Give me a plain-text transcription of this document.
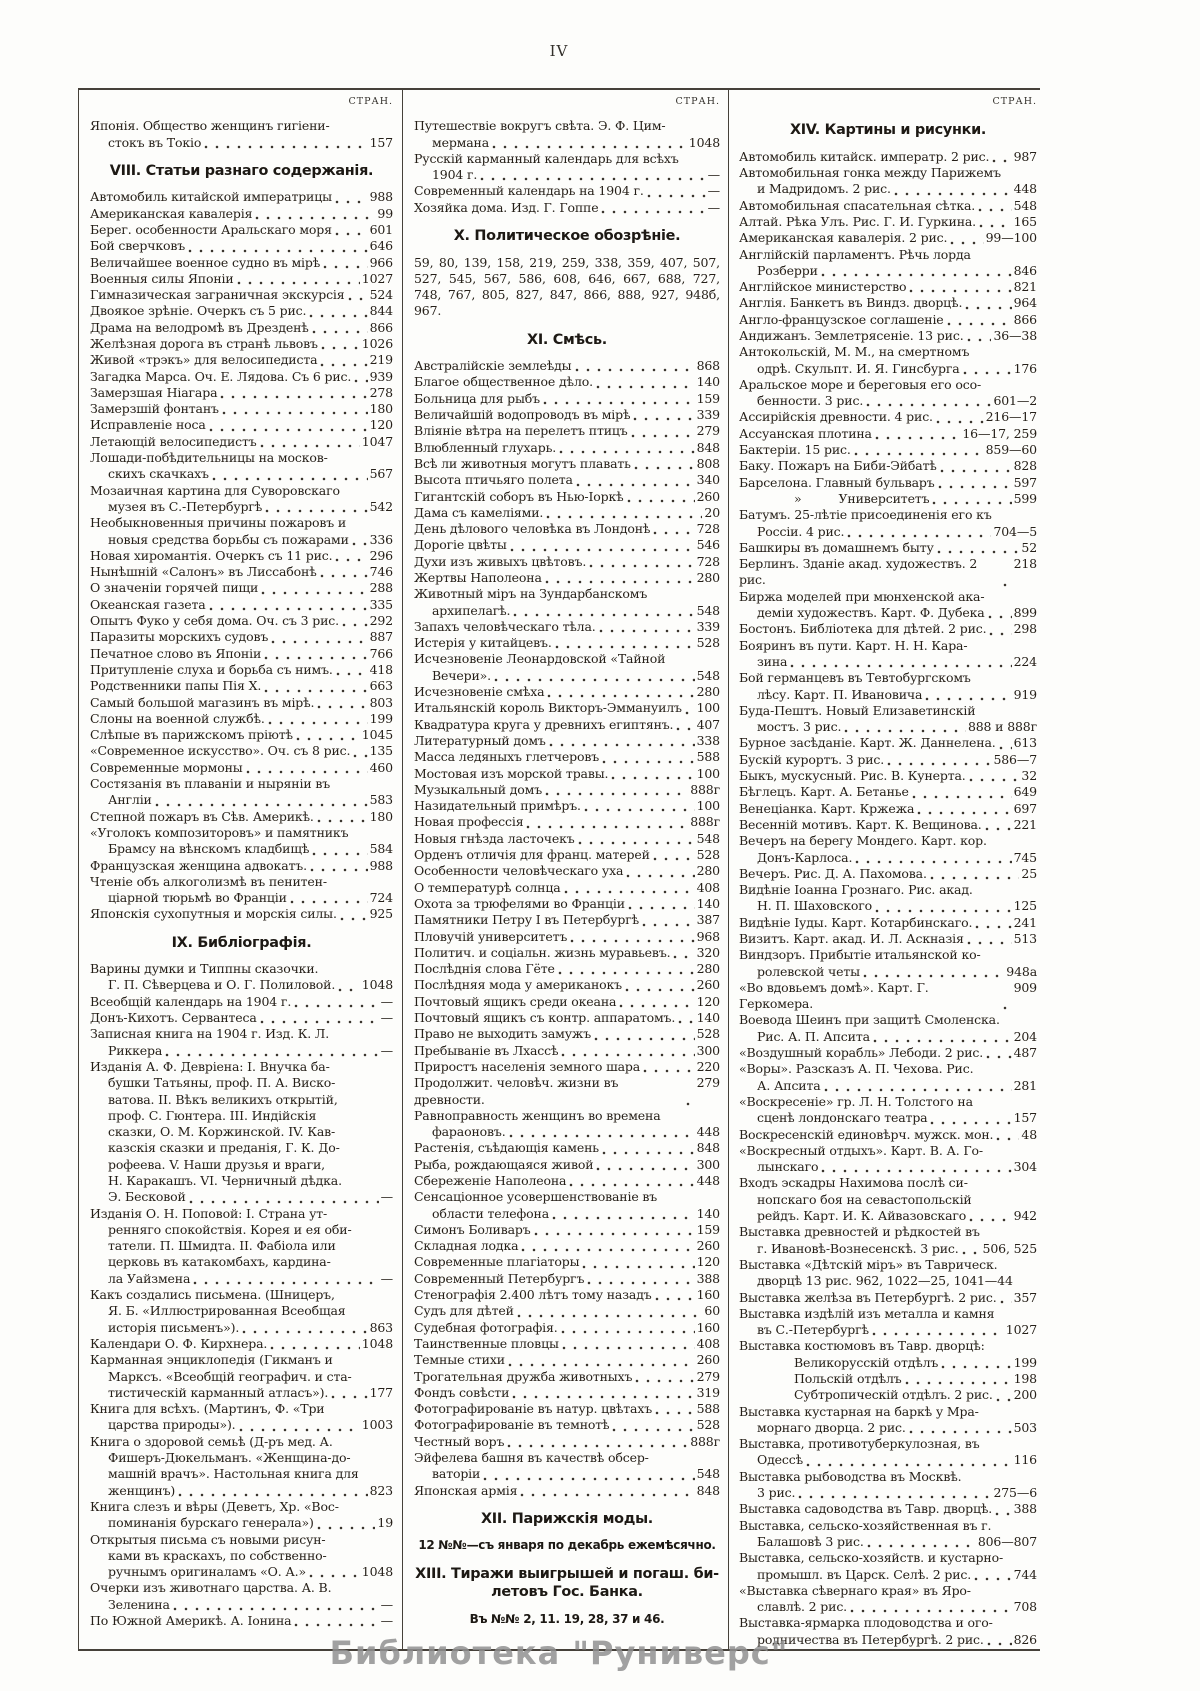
IV
СТРАН.
Японія. Общество женщинъ гигіени-
стокъ въ Токіо	157
VIII. Статьи разнаго содержанія.
Автомобиль китайской императрицы	988
Американская кавалерія	99
Берег. особенности Аральскаго моря	601
Бой сверчковъ	646
Величайшее военное судно въ мірѣ	966
Военныя силы Японіи	1027
Гимназическая заграничная экскурсія 524
Двоякое зрѣніе. Очеркъ съ 5 рис.	844
Драма на велодромѣ въ Дрезденѣ	866
Желѣзная дорога въ странѣ львовъ	1026
Живой «трэкъ» для велосипедиста	219
Загадка Марса. Оч. Е. Лядова. Съ 6 рис. 939
Замерзшая Ніагара	278
Замерзшій фонтанъ	180
Исправленіе носа	120
Летающій велосипедистъ	1047
Лошади-побѣдительницы на москов-
скихъ скачкахъ	567
Мозаичная картина для Суворовскаго
музея въ С.-Петербургѣ	542
Необыкновенныя причины пожаровъ и
новыя средства борьбы съ пожарами 336
Новая хиромантія. Очеркъ съ 11 рис.	296
Нынѣшній «Салонъ» въ Лиссабонѣ	746
О значеніи горячей пищи	288
Океанская газета	335
Опытъ Фуко у себя дома. Оч. съ 3 рис. 292
Паразиты морскихъ судовъ	887
Печатное слово въ Японіи	766
Притупленіе слуха и борьба съ нимъ.	418
Родственники папы Пія X.	663
Самый большой магазинъ въ мірѣ.	803
Слоны на военной службѣ.	199
Слѣпые въ парижскомъ пріютѣ	1045
«Современное искусство». Оч. съ 8 рис. 135
Современные мормоны	460
Состязанія въ плаваніи и ныряніи въ
Англіи	583
Степной пожаръ въ Сѣв. Америкѣ.	180
«Уголокъ композиторовъ» и памятникъ
Брамсу на вѣнскомъ кладбищѣ	584
Французская женщина адвокатъ.	988
Чтеніе объ алкоголизмѣ въ пенитен-
ціарной тюрьмѣ во Франціи	724
Японскія сухопутныя и морскія силы.	925
IX. Библіографія.
Варины думки и Типпны сказочки.
Г. П. Сѣверцева и О. Г. Полиловой. 1048
Всеобщій календарь на 1904 г.	—
Донъ-Кихотъ. Сервантеса	—
Записная книга на 1904 г. Изд. К. Л.
Риккера	—
Изданія А. Ф. Девріена: I. Внучка ба-
бушки Татьяны, проф. П. А. Виско-
ватова. II. Вѣкъ великихъ открытій,
проф. С. Гюнтера. III. Индійскія
сказки, О. М. Коржинской. IV. Кав-
казскія сказки и преданія, Г. К. До-
рофеева. V. Наши друзья и враги,
Н. Каракашъ. VI. Черничный дѣдка.
Э. Бесковой	—
Изданія О. Н. Поповой: I. Страна ут-
ренняго спокойствія. Корея и ея оби-
татели. П. Шмидта. II. Фабіола или
церковь въ катакомбахъ, кардина-
ла Уайзмена	—
Какъ создались письмена. (Шницеръ,
Я. Б. «Иллюстрированная Всеобщая
исторія письменъ»).	863
Календари О. Ф. Кирхнера.	1048
Карманная энциклопедія (Гикманъ и
Марксъ. «Всеобщій географич. и ста-
тистическій карманный атласъ»).	177
Книга для всѣхъ. (Мартинъ, Ф. «Три
царства природы»).	1003
Книга о здоровой семьѣ (Д-ръ мед. А.
Фишеръ-Дюкельманъ. «Женщина-до-
машній врачъ». Настольная книга для
женщинъ)	823
Книга слезъ и вѣры (Деветъ, Хр. «Вос-
поминанія бурскаго генерала»)	19
Открытыя письма съ новыми рисун-
ками въ краскахъ, по собственно-
ручнымъ оригиналамъ «О. А.»	1048
Очерки изъ животнаго царства. А. В.
Зеленина	—
По Южной Америкѣ. А. Іонина	—
СТРАН.
Путешествіе вокругъ свѣта. Э. Ф. Цим-
мермана	1048
Русскій карманный календарь для всѣхъ
1904 г.	—
Современный календарь на 1904 г.	—
Хозяйка дома. Изд. Г. Гоппе	—
X. Политическое обозрѣніе.
59, 80, 139, 158, 219, 259, 338, 359, 407, 507, 527, 545, 567, 586, 608, 646, 667, 688, 727, 748, 767, 805, 827, 847, 866, 888, 927, 948б, 967.
XI. Смѣсь.
Австралійскіе землеѣды	868
Благое общественное дѣло.	140
Больница для рыбъ	159
Величайшій водопроводъ въ мірѣ	339
Вліяніе вѣтра на перелетъ птицъ	279
Влюбленный глухарь.	848
Всѣ ли животныя могутъ плавать	808
Высота птичьяго полета	340
Гигантскій соборъ въ Нью-Іоркѣ	260
Дама съ камеліями.	20
День дѣлового человѣка въ Лондонѣ	728
Дорогіе цвѣты	546
Духи изъ живыхъ цвѣтовъ.	728
Жертвы Наполеона	280
Животный міръ на Зундарбанскомъ
архипелагѣ.	548
Запахъ человѣческаго тѣла.	339
Истерія у китайцевъ.	528
Исчезновеніе Леонардовской «Тайной
Вечери».	548
Исчезновеніе смѣха	280
Итальянскій король Викторъ-Эммануилъ 100
Квадратура круга у древнихъ египтянъ. 407
Литературный домъ	338
Масса ледяныхъ глетчеровъ	588
Мостовая изъ морской травы.	100
Музыкальный домъ	888г
Назидательный примѣръ.	100
Новая профессія	888г
Новыя гнѣзда ласточекъ	548
Орденъ отличія для франц. матерей	528
Особенности человѣческаго уха	280
О температурѣ солнца	408
Охота за трюфелями во Франціи	140
Памятники Петру I въ Петербургѣ	387
Пловучій университетъ	968
Политич. и соціальн. жизнь муравьевъ. 320
Послѣднія слова Гёте	280
Послѣдняя мода у американокъ	260
Почтовый ящикъ среди океана	120
Почтовый ящикъ съ контр. аппаратомъ. 140
Право не выходить замужъ	528
Пребываніе въ Лхассѣ	300
Приростъ населенія земного шара	220
Продолжит. человѣч. жизни въ древности.
279
Равноправность женщинъ во времена
фараоновъ.	448
Растенія, съѣдающія камень	848
Рыба, рождающаяся живой	300
Сбереженіе Наполеона	448
Сенсаціонное усовершенствованіе въ
области телефона	140
Симонъ Боливаръ	159
Складная лодка	260
Современные плагіаторы	120
Современный Петербургъ	388
Стенографія 2.400 лѣтъ тому назадъ	160
Судъ для дѣтей	60
Судебная фотографія.	160
Таинственные пловцы	408
Темные стихи	260
Трогательная дружба животныхъ	279
Фондъ совѣсти	319
Фотографированіе въ натур. цвѣтахъ	588
Фотографированіе въ темнотѣ	528
Честный воръ	888г
Эйфелева башня въ качествѣ обсер-
ваторіи	548
Японская армія	848
XII. Парижскія моды.
12 №№—съ января по декабрь ежемѣсячно.
XIII. Тиражи выигрышей и погаш. би-
летовъ Гос. Банка.
Въ №№ 2, 11. 19, 28, 37 и 46.
СТРАН.
XIV. Картины и рисунки.
Автомобиль китайск. императр. 2 рис. 987
Автомобильная гонка между Парижемъ
и Мадридомъ. 2 рис.	448
Автомобильная спасательная сѣтка.	548
Алтай. Рѣка Улъ. Рис. Г. И. Гуркина.	165
Американская кавалерія. 2 рис.	99—100
Англійскій парламентъ. Рѣчь лорда
Розберри	846
Англійское министерство	821
Англія. Банкетъ въ Виндз. дворцѣ.	964
Англо-французское соглашеніе	866
Андижанъ. Землетрясеніе. 13 рис. 36—38
Антокольскій, М. М., на смертномъ
одрѣ. Скульпт. И. Я. Гинсбурга	176
Аральское море и береговыя его осо-
бенности. 3 рис.	601—2
Ассирійскія древности. 4 рис.	216—17
Ассуанская плотина	16—17, 259
Бактеріи. 15 рис.	859—60
Баку. Пожаръ на Биби-Эйбатѣ	828
Барселона. Главный бульваръ	597
»   Университетъ	599
Батумъ. 25-лѣтіе присоединенія его къ
Россіи. 4 рис.	704—5
Башкиры въ домашнемъ быту	52
Берлинъ. Зданіе акад. художествъ. 2 рис.
218
Биржа моделей при мюнхенской ака-
деміи художествъ. Карт. Ф. Дубека 899
Бостонъ. Библіотека для дѣтей. 2 рис. 298
Бояринъ въ пути. Карт. Н. Н. Кара-
зина	224
Бой германцевъ въ Тевтобургскомъ
лѣсу. Карт. П. Ивановича	919
Буда-Пештъ. Новый Елизаветинскій
мостъ. 3 рис.	888 и 888г
Бурное засѣданіе. Карт. Ж. Даннелена. 613
Бускій курортъ. 3 рис.	586—7
Быкъ, мускусный. Рис. В. Кунерта.	32
Бѣглецъ. Карт. А. Бетанье	649
Венеціанка. Карт. Кржежа	697
Весенній мотивъ. Карт. К. Вещинова.	221
Вечеръ на берегу Мондего. Карт. кор.
Донъ-Карлоса.	745
Вечеръ. Рис. Д. А. Пахомова.	25
Видѣніе Іоанна Грознаго. Рис. акад.
Н. П. Шаховского	125
Видѣніе Іуды. Карт. Котарбинскаго.	241
Визитъ. Карт. акад. И. Л. Аскназія	513
Виндзоръ. Прибытіе итальянской ко-
ролевской четы	948а
«Во вдовьемъ домѣ». Карт. Г. Геркомера.
909
Воевода Шеинъ при защитѣ Смоленска.
Рис. А. П. Апсита	204
«Воздушный корабль» Лебоди. 2 рис. 487
«Воры». Разсказъ А. П. Чехова. Рис.
А. Апсита	281
«Воскресеніе» гр. Л. Н. Толстого на
сценѣ лондонскаго театра	157
Воскресенскій единовѣрч. мужск. мон. 48
«Воскресный отдыхъ». Карт. В. А. Го-
лынскаго	304
Входъ эскадры Нахимова послѣ си-
нопскаго боя на севастопольскій
рейдъ. Карт. И. К. Айвазовскаго	942
Выставка древностей и рѣдкостей въ
г. Ивановѣ-Вознесенскѣ. 3 рис. 506, 525
Выставка «Дѣтскій міръ» въ Таврическ.
дворцѣ 13 рис. 962, 1022—25, 1041—44
Выставка желѣза въ Петербургѣ. 2 рис. 357
Выставка издѣлій изъ металла и камня
въ С.-Петербургѣ	1027
Выставка костюмовъ въ Тавр. дворцѣ:
Великорусскій отдѣлъ	199
Польскій отдѣлъ	198
Субтропическій отдѣлъ. 2 рис. 200
Выставка кустарная на баркѣ у Мра-
морнаго дворца. 2 рис.	503
Выставка, противотуберкулозная, въ
Одессѣ	116
Выставка рыбоводства въ Москвѣ.
3 рис.	275—6
Выставка садоводства въ Тавр. дворцѣ. 388
Выставка, сельско-хозяйственная въ г.
Балашовѣ 3 рис.	806—807
Выставка, сельско-хозяйств. и кустарно-
промышл. въ Царск. Селѣ. 2 рис.	744
«Выставка сѣвернаго края» въ Яро-
славлѣ. 2 рис.	708
Выставка-ярмарка плодоводства и ого-
родничества въ Петербургѣ. 2 рис. 826
Библиотека "Руниверс"
